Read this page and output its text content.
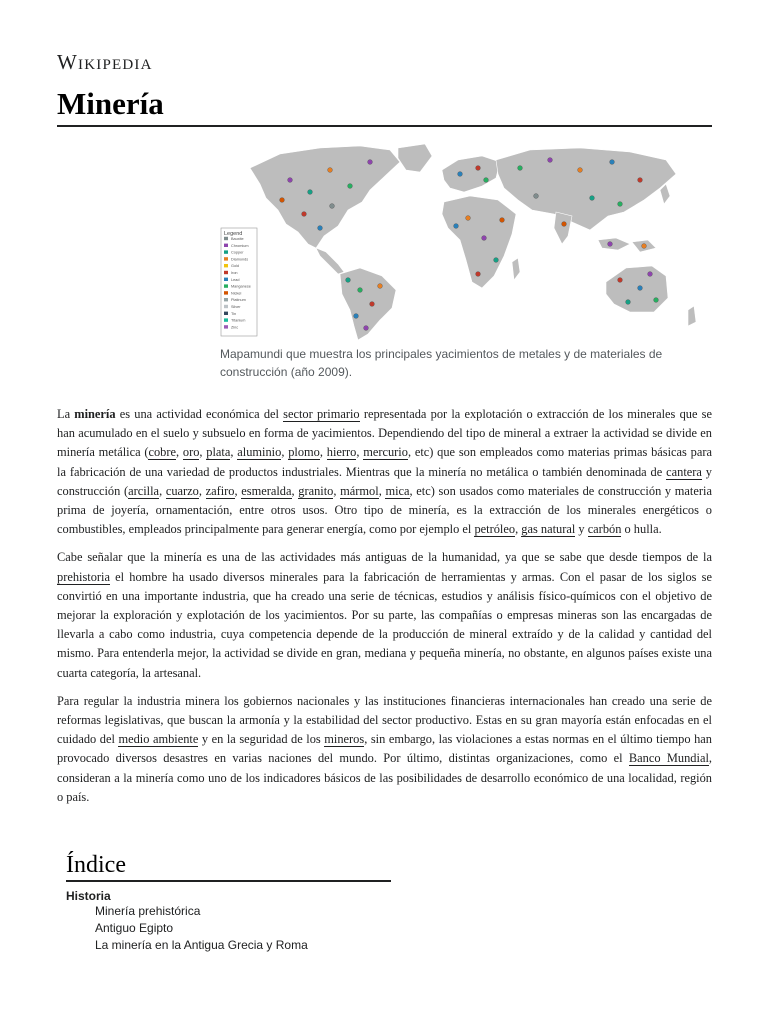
Wikipedia
Minería
Legend
Bauxite
Chromium
Copper
Diamonds
Gold
Iron
Lead
Manganese
Nickel
Platinum
Silver
Tin
Titanium
Zinc
Mapamundi que muestra los principales yacimientos de metales y de materiales de construcción (año 2009).

La minería es una actividad económica del sector primario representada por la explotación o extracción de los minerales que se han acumulado en el suelo y subsuelo en forma de yacimientos. Dependiendo del tipo de mineral a extraer la actividad se divide en minería metálica (cobre, oro, plata, aluminio, plomo, hierro, mercurio, etc) que son empleados como materias primas básicas para la fabricación de una variedad de productos industriales. Mientras que la minería no metálica o también denominada de cantera y construcción (arcilla, cuarzo, zafiro, esmeralda, granito, mármol, mica, etc) son usados como materiales de construcción y materia prima de joyería, ornamentación, entre otros usos. Otro tipo de minería, es la extracción de los minerales energéticos o combustibles, empleados principalmente para generar energía, como por ejemplo el petróleo, gas natural y carbón o hulla.

Cabe señalar que la minería es una de las actividades más antiguas de la humanidad, ya que se sabe que desde tiempos de la prehistoria el hombre ha usado diversos minerales para la fabricación de herramientas y armas. Con el pasar de los siglos se convirtió en una importante industria, que ha creado una serie de técnicas, estudios y análisis físico-químicos con el objetivo de mejorar la exploración y explotación de los yacimientos. Por su parte, las compañías o empresas mineras son las encargadas de llevarla a cabo como industria, cuya competencia depende de la producción de mineral extraído y de la calidad y cantidad del mismo. Para entenderla mejor, la actividad se divide en gran, mediana y pequeña minería, no obstante, en algunos países existe una cuarta categoría, la artesanal.

Para regular la industria minera los gobiernos nacionales y las instituciones financieras internacionales han creado una serie de reformas legislativas, que buscan la armonía y la estabilidad del sector productivo. Estas en su gran mayoría están enfocadas en el cuidado del medio ambiente y en la seguridad de los mineros, sin embargo, las violaciones a estas normas en el último tiempo han provocado diversos desastres en varias naciones del mundo. Por último, distintas organizaciones, como el Banco Mundial, consideran a la minería como uno de los indicadores básicos de las posibilidades de desarrollo económico de una localidad, región o país.

Índice
Historia
Minería prehistórica
Antiguo Egipto
La minería en la Antigua Grecia y Roma
